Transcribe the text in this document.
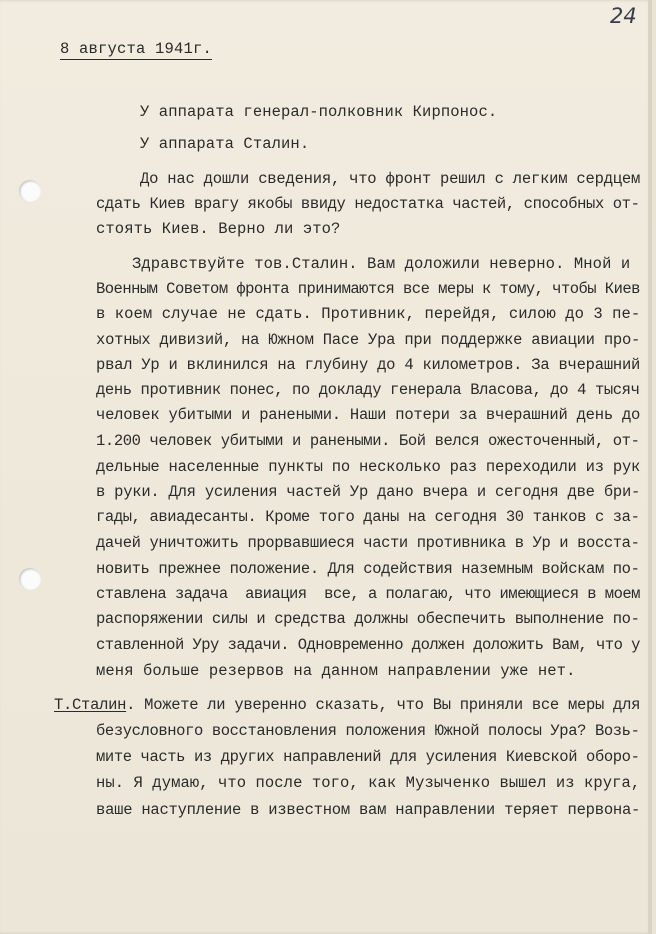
24
8 августа 1941г.
У аппарата генерал-полковник Кирпонос.
У аппарата Сталин.
До нас дошли сведения, что фронт решил с легким сердцем
сдать Киев врагу якобы ввиду недостатка частей, способных от-
стоять Киев. Верно ли это?
Здравствуйте тов.Сталин. Вам доложили неверно. Мной и
Военным Советом фронта принимаются все меры к тому, чтобы Киев
в коем случае не сдать. Противник, перейдя, силою до 3 пе-
хотных дивизий, на Южном Пасе Ура при поддержке авиации про-
рвал Ур и вклинился на глубину до 4 километров. За вчерашний
день противник понес, по докладу генерала Власова, до 4 тысяч
человек убитыми и ранеными. Наши потери за вчерашний день до
1.200 человек убитыми и ранеными. Бой велся ожесточенный, от-
дельные населенные пункты по несколько раз переходили из рук
в руки. Для усиления частей Ур дано вчера и сегодня две бри-
гады, авиадесанты. Кроме того даны на сегодня 30 танков с за-
дачей уничтожить прорвавшиеся части противника в Ур и восста-
новить прежнее положение. Для содействия наземным войскам по-
ставлена задача  авиация  все, а полагаю, что имеющиеся в моем
распоряжении силы и средства должны обеспечить выполнение по-
ставленной Уру задачи. Одновременно должен доложить Вам, что у
меня больше резервов на данном направлении уже нет.
Т.Сталин. Можете ли уверенно сказать, что Вы приняли все меры для
безусловного восстановления положения Южной полосы Ура? Возь-
мите часть из других направлений для усиления Киевской оборо-
ны. Я думаю, что после того, как Музыченко вышел из круга,
ваше наступление в известном вам направлении теряет первона-
